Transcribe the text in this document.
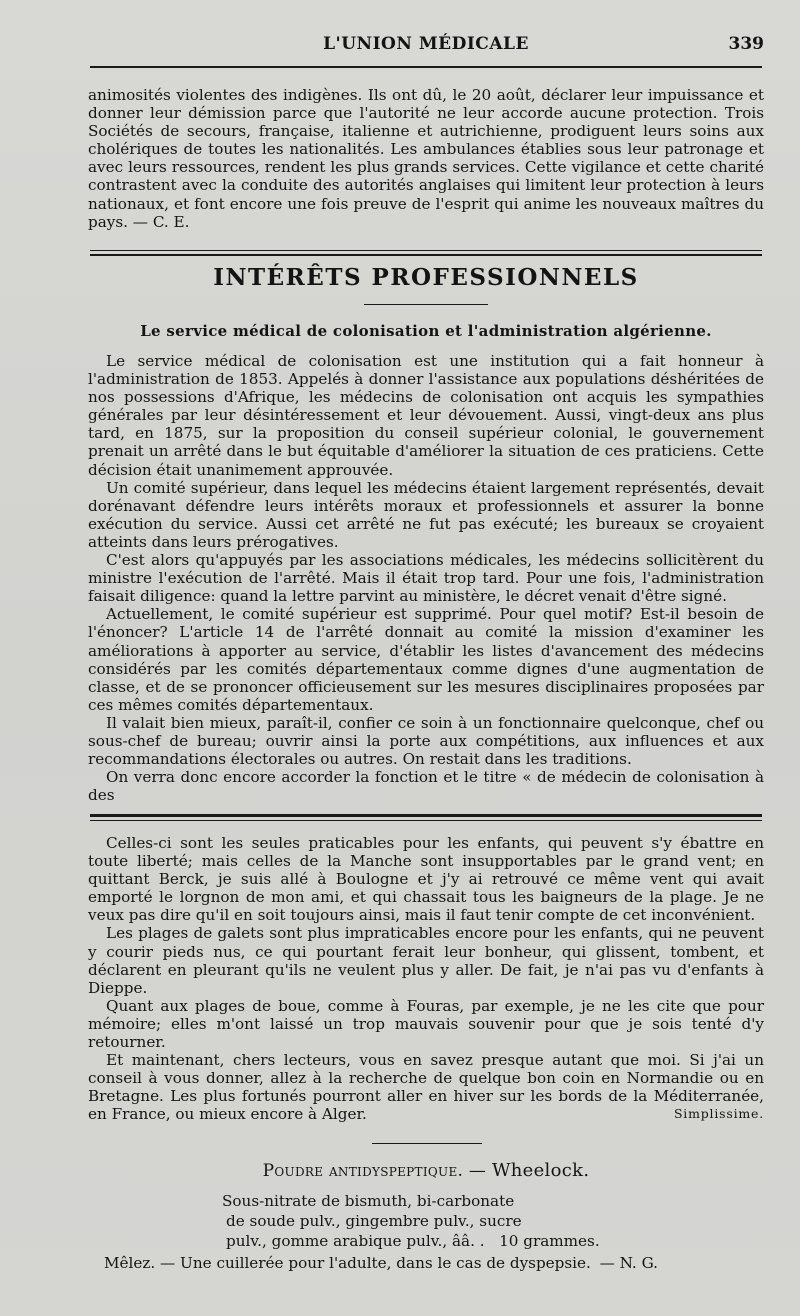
L'UNION MÉDICALE	339

animosités violentes des indigènes. Ils ont dû, le 20 août, déclarer leur impuissance et donner leur démission parce que l'autorité ne leur accorde aucune protection. Trois Sociétés de secours, française, italienne et autrichienne, prodiguent leurs soins aux cholériques de toutes les nationalités. Les ambulances établies sous leur patronage et avec leurs ressources, rendent les plus grands services. Cette vigilance et cette charité contrastent avec la conduite des autorités anglaises qui limitent leur protection à leurs nationaux, et font encore une fois preuve de l'esprit qui anime les nouveaux maîtres du pays. — C. E.

INTÉRÊTS PROFESSIONNELS
Le service médical de colonisation et l'administration algérienne.

Le service médical de colonisation est une institution qui a fait honneur à l'administration de 1853. Appelés à donner l'assistance aux populations déshéritées de nos possessions d'Afrique, les médecins de colonisation ont acquis les sympathies générales par leur désintéressement et leur dévouement. Aussi, vingt-deux ans plus tard, en 1875, sur la proposition du conseil supérieur colonial, le gouvernement prenait un arrêté dans le but équitable d'améliorer la situation de ces praticiens. Cette décision était unanimement approuvée.

Un comité supérieur, dans lequel les médecins étaient largement représentés, devait dorénavant défendre leurs intérêts moraux et professionnels et assurer la bonne exécution du service. Aussi cet arrêté ne fut pas exécuté; les bureaux se croyaient atteints dans leurs prérogatives.

C'est alors qu'appuyés par les associations médicales, les médecins sollicitèrent du ministre l'exécution de l'arrêté. Mais il était trop tard. Pour une fois, l'administration faisait diligence: quand la lettre parvint au ministère, le décret venait d'être signé.

Actuellement, le comité supérieur est supprimé. Pour quel motif? Est-il besoin de l'énoncer? L'article 14 de l'arrêté donnait au comité la mission d'examiner les améliorations à apporter au service, d'établir les listes d'avancement des médecins considérés par les comités départementaux comme dignes d'une augmentation de classe, et de se prononcer officieusement sur les mesures disciplinaires proposées par ces mêmes comités départementaux.

Il valait bien mieux, paraît-il, confier ce soin à un fonctionnaire quelconque, chef ou sous-chef de bureau; ouvrir ainsi la porte aux compétitions, aux influences et aux recommandations électorales ou autres. On restait dans les traditions.

On verra donc encore accorder la fonction et le titre « de médecin de colonisation à des

Celles-ci sont les seules praticables pour les enfants, qui peuvent s'y ébattre en toute liberté; mais celles de la Manche sont insupportables par le grand vent; en quittant Berck, je suis allé à Boulogne et j'y ai retrouvé ce même vent qui avait emporté le lorgnon de mon ami, et qui chassait tous les baigneurs de la plage. Je ne veux pas dire qu'il en soit toujours ainsi, mais il faut tenir compte de cet inconvénient.

Les plages de galets sont plus impraticables encore pour les enfants, qui ne peuvent y courir pieds nus, ce qui pourtant ferait leur bonheur, qui glissent, tombent, et déclarent en pleurant qu'ils ne veulent plus y aller. De fait, je n'ai pas vu d'enfants à Dieppe.

Quant aux plages de boue, comme à Fouras, par exemple, je ne les cite que pour mémoire; elles m'ont laissé un trop mauvais souvenir pour que je sois tenté d'y retourner.

Et maintenant, chers lecteurs, vous en savez presque autant que moi. Si j'ai un conseil à vous donner, allez à la recherche de quelque bon coin en Normandie ou en Bretagne. Les plus fortunés pourront aller en hiver sur les bords de la Méditerranée, en France, ou mieux encore à Alger.	Simplissime.

Poudre antidyspeptique. — Wheelock.
Sous-nitrate de bismuth, bi-carbonate
de soude pulv., gingembre pulv., sucre
pulv., gomme arabique pulv., ââ. .   10 grammes.
Mêlez. — Une cuillerée pour l'adulte, dans le cas de dyspepsie. — N. G.
